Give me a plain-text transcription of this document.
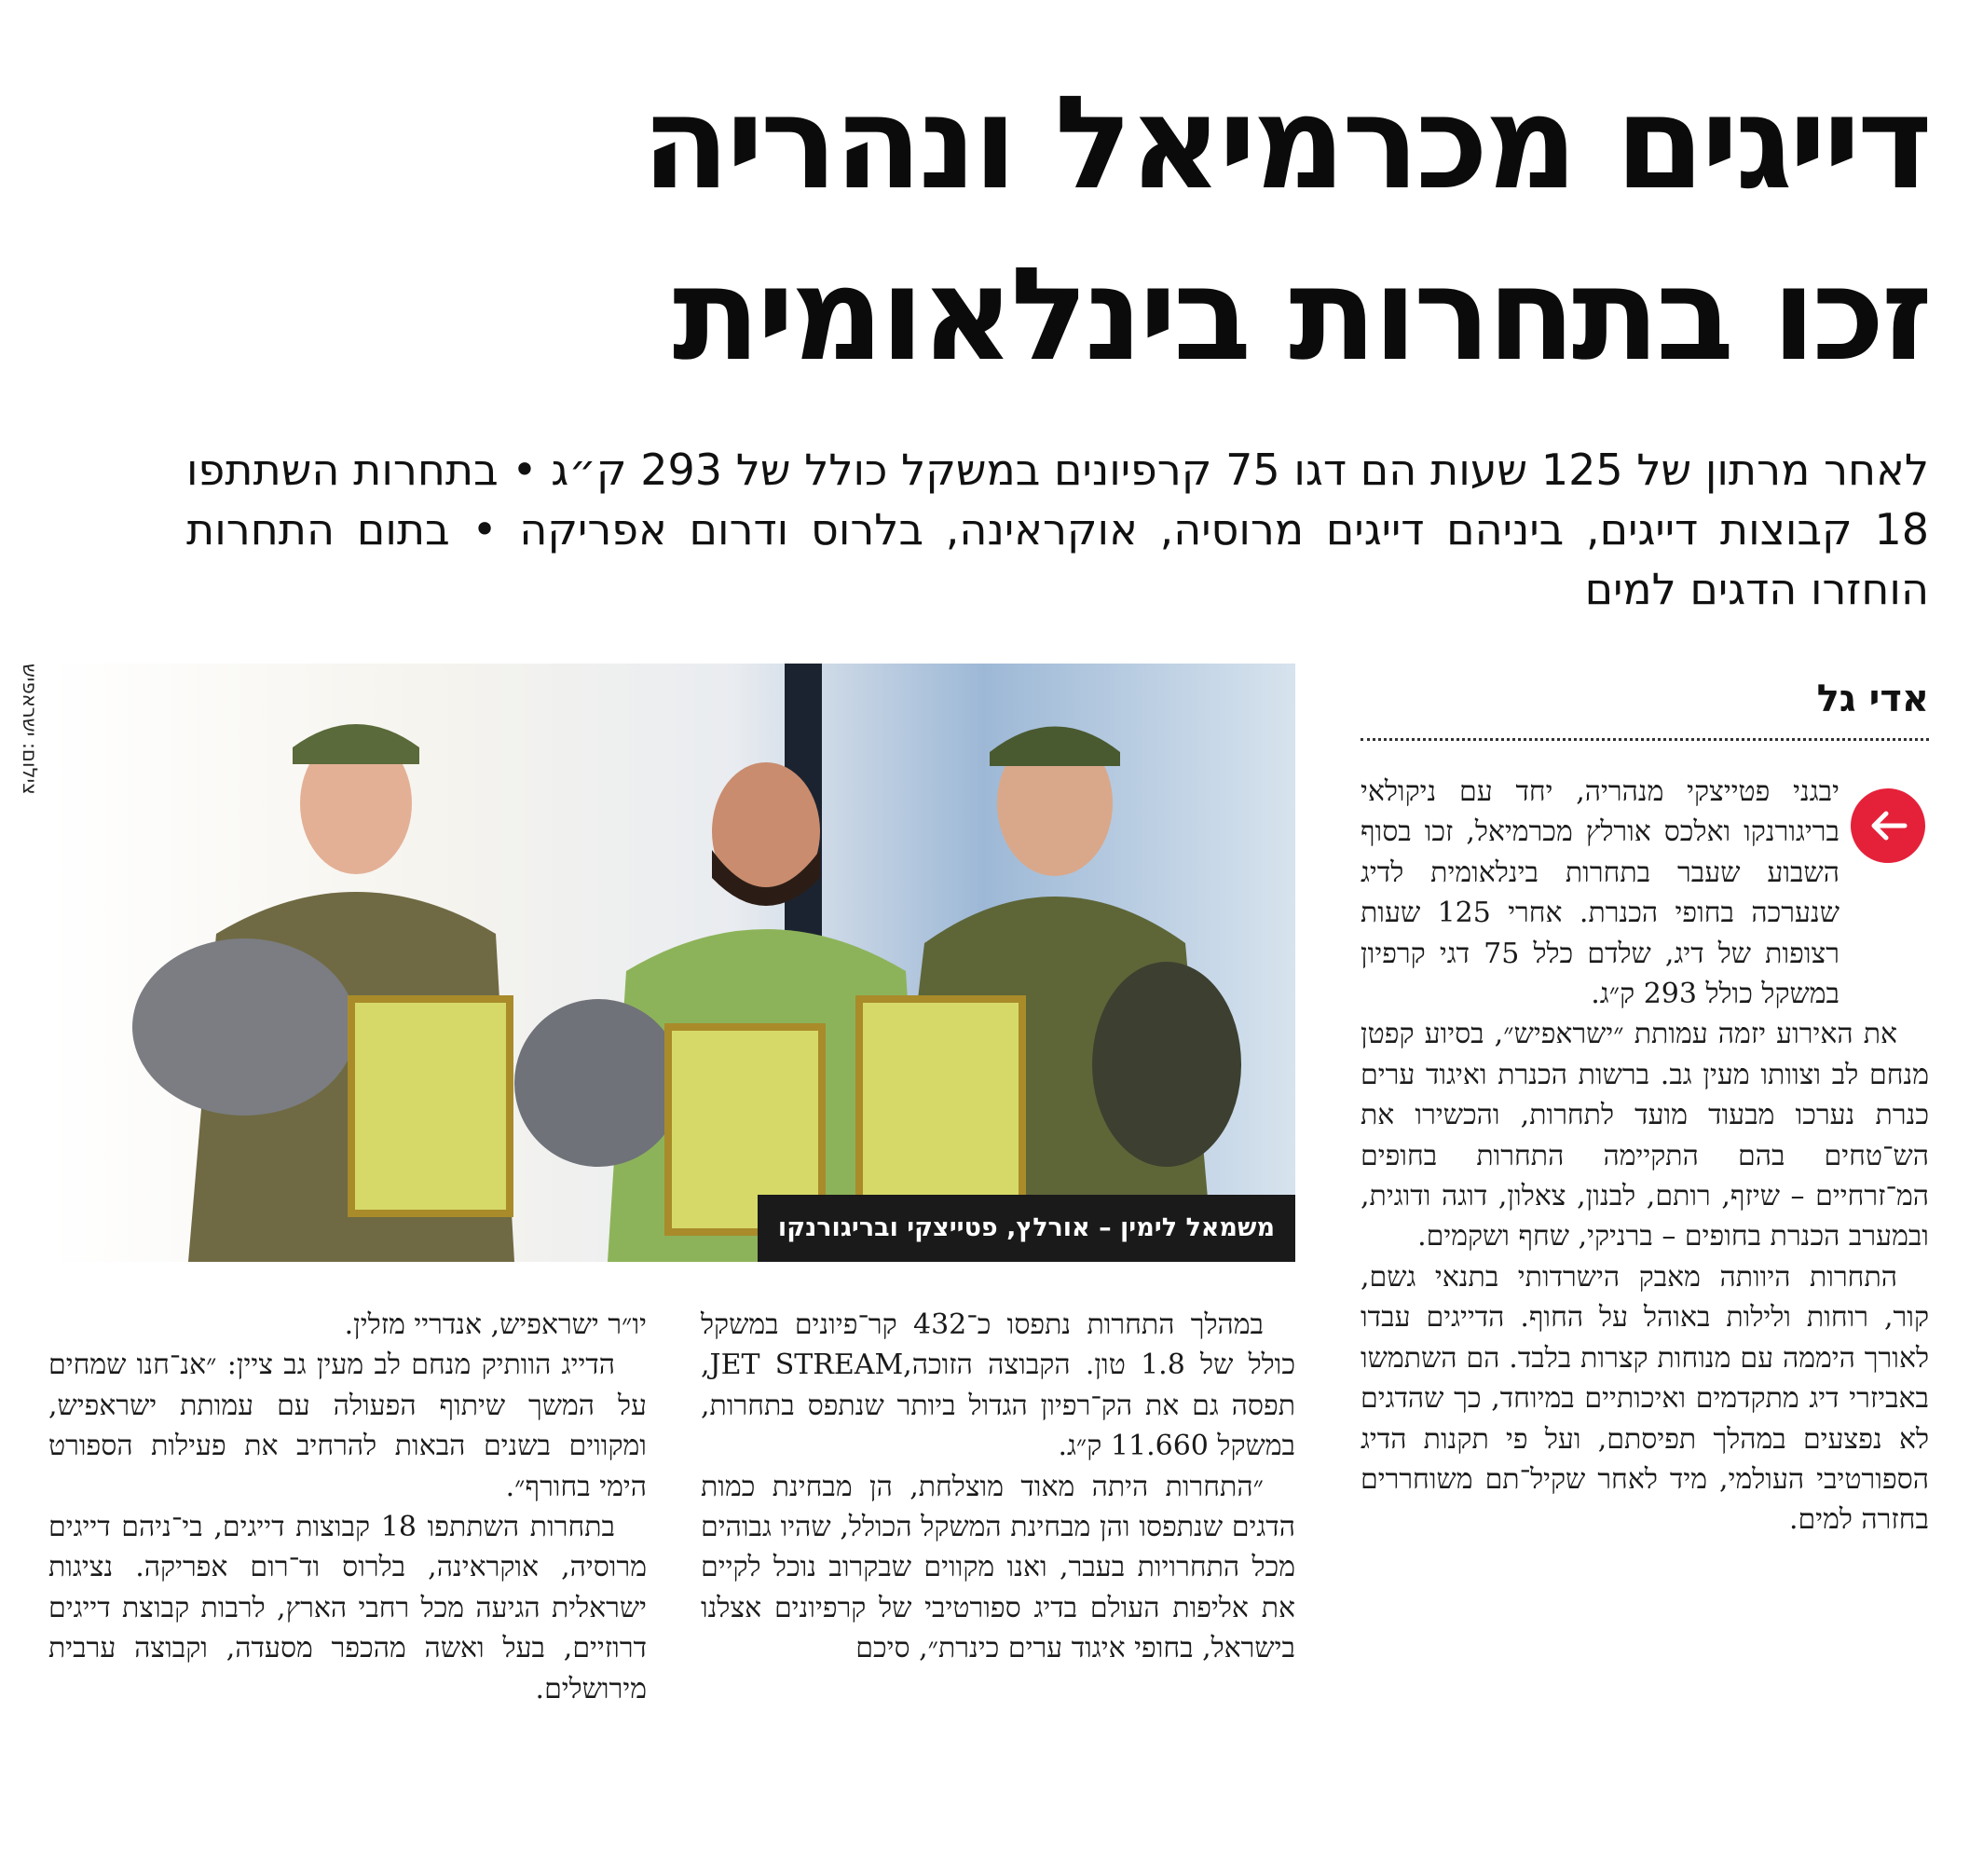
דייגים מכרמיאל ונהריה
זכו בתחרות בינלאומית
לאחר מרתון של 125 שעות הם דגו 75 קרפיונים במשקל כולל של 293 ק״ג • בתחרות השתתפו 18 קבוצות דייגים, ביניהם דייגים מרוסיה, אוקראינה, בלרוס ודרום אפריקה • בתום התחרות הוחזרו הדגים למים
צילום: ישראפיש
משמאל לימין – אורלץ, פטייצקי ובריגורנקו
אדי גל

יבגני פטייצקי מנהריה, יחד עם ניקולאי בריגורנקו ואלכס אורלץ מכרמיאל, זכו בסוף השבוע שעבר בתחרות בינלאומית לדיג שנערכה בחופי הכנרת. אחרי 125 שעות רצופות של דיג, שלדם כלל 75 דגי קרפיון במשקל כולל 293 ק״ג.

את האירוע יזמה עמותת ״ישראפיש״, בסיוע קפטן מנחם לב וצוותו מעין גב. ברשות הכנרת ואיגוד ערים כנרת נערכו מבעוד מועד לתחרות, והכשירו את הש־טחים בהם התקיימה התחרות בחופים המ־זרחיים – שיזף, רותם, לבנון, צאלון, דוגה ודוגית, ובמערב הכנרת בחופים – ברניקי, שחף ושקמים.

התחרות היוותה מאבק הישרדותי בתנאי גשם, קור, רוחות ולילות באוהל על החוף. הדייגים עבדו לאורך היממה עם מנוחות קצרות בלבד. הם השתמשו באביזרי דיג מתקדמים ואיכותיים במיוחד, כך שהדגים לא נפצעים במהלך תפיסתם, ועל פי תקנות הדיג הספורטיבי העולמי, מיד לאחר שקיל־תם משוחררים בחזרה למים.

במהלך התחרות נתפסו כ־432 קר־פיונים במשקל כולל של 1.8 טון. הקבוצה הזוכה,JET STREAM, תפסה גם את הק־רפיון הגדול ביותר שנתפס בתחרות, במשקל 11.660 ק״ג.

״התחרות היתה מאוד מוצלחת, הן מבחינת כמות הדגים שנתפסו והן מבחינת המשקל הכולל, שהיו גבוהים מכל התחרויות בעבר, ואנו מקווים שבקרוב נוכל לקיים את אליפות העולם בדיג ספורטיבי של קרפיונים אצלנו בישראל, בחופי איגוד ערים כינרת״, סיכם

יו״ר ישראפיש, אנדריי מזלין.

הדייג הוותיק מנחם לב מעין גב ציין: ״אנ־חנו שמחים על המשך שיתוף הפעולה עם עמותת ישראפיש, ומקווים בשנים הבאות להרחיב את פעילות הספורט הימי בחורף״.

בתחרות השתתפו 18 קבוצות דייגים, בי־ניהם דייגים מרוסיה, אוקראינה, בלרוס וד־רום אפריקה. נציגות ישראלית הגיעה מכל רחבי הארץ, לרבות קבוצת דייגים דרוזיים, בעל ואשה מהכפר מסעדה, וקבוצה ערבית מירושלים.
